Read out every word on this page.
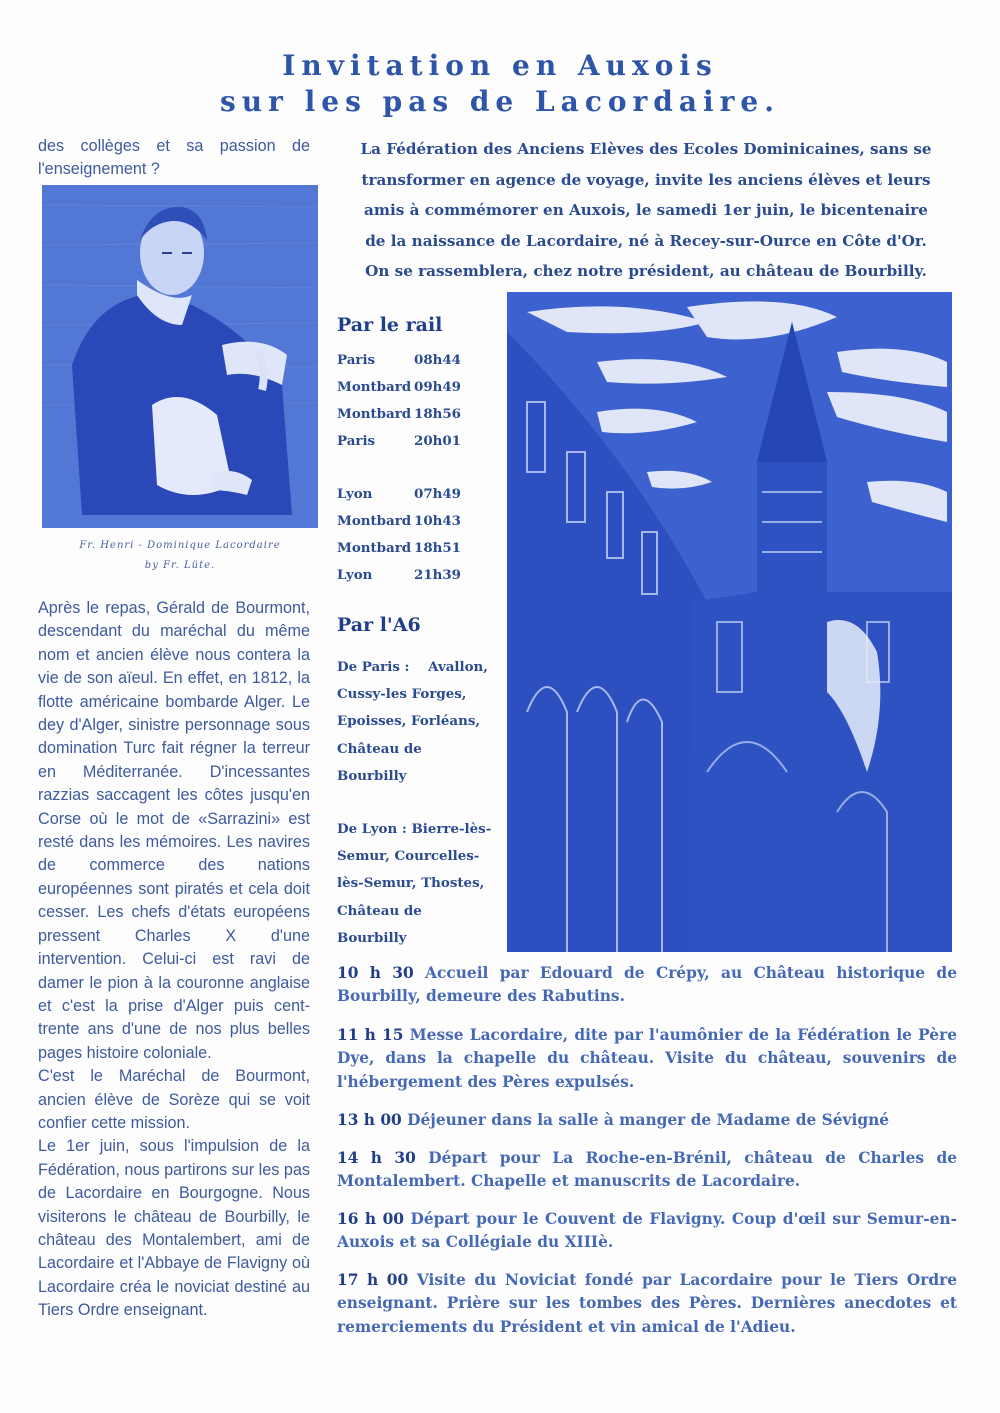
Invitation en Auxois
sur les pas de Lacordaire.
des collèges et sa passion de l'enseignement ?
Fr. Henri - Dominique Lacordaire
by Fr. Lüte.

Après le repas, Gérald de Bourmont, descendant du maréchal du même nom et ancien élève nous contera la vie de son aïeul. En effet, en 1812, la flotte américaine bombarde Alger. Le dey d'Alger, sinistre personnage sous domination Turc fait régner la terreur en Méditerranée. D'incessantes razzias saccagent les côtes jusqu'en Corse où le mot de «Sarrazini» est resté dans les mémoires. Les navires de commerce des nations européennes sont piratés et cela doit cesser. Les chefs d'états européens pressent Charles X d'une intervention. Celui-ci est ravi de damer le pion à la couronne anglaise et c'est la prise d'Alger puis cent-trente ans d'une de nos plus belles pages histoire coloniale.

C'est le Maréchal de Bourmont, ancien élève de Sorèze qui se voit confier cette mission.

Le 1er juin, sous l'impulsion de la Fédération, nous partirons sur les pas de Lacordaire en Bourgogne. Nous visiterons le château de Bourbilly, le château des Montalembert, ami de Lacordaire et l'Abbaye de Flavigny où Lacordaire créa le noviciat destiné au Tiers Ordre enseignant.

La Fédération des Anciens Elèves des Ecoles Dominicaines, sans se
transformer en agence de voyage, invite les anciens élèves et leurs
amis à commémorer en Auxois, le samedi 1er juin, le bicentenaire
de la naissance de Lacordaire, né à Recey-sur-Ource en Côte d'Or.
On se rassemblera, chez notre président, au château de Bourbilly.
Par le rail
Paris	08h44
Montbard 09h49
Montbard 18h56
Paris	20h01
Lyon	07h49
Montbard 10h43
Montbard 18h51
Lyon	21h39
Par l'A6
De Paris :    Avallon,
Cussy-les Forges,
Epoisses, Forléans,
Château de
Bourbilly
De Lyon : Bierre-lès-
Semur, Courcelles-
lès-Semur, Thostes,
Château de
Bourbilly
10 h 30 Accueil par Edouard de Crépy, au Château historique de Bourbilly, demeure des Rabutins.
11 h 15 Messe Lacordaire, dite par l'aumônier de la Fédération le Père Dye, dans la chapelle du château. Visite du château, souvenirs de l'hébergement des Pères expulsés.
13 h 00 Déjeuner dans la salle à manger de Madame de Sévigné
14 h 30 Départ pour La Roche-en-Brénil, château de Charles de Montalembert. Chapelle et manuscrits de Lacordaire.
16 h 00 Départ pour le Couvent de Flavigny. Coup d'œil sur Semur-en-Auxois et sa Collégiale du XIIIè.
17 h 00 Visite du Noviciat fondé par Lacordaire pour le Tiers Ordre enseignant. Prière sur les tombes des Pères. Dernières anecdotes et remerciements du Président et vin amical de l'Adieu.
